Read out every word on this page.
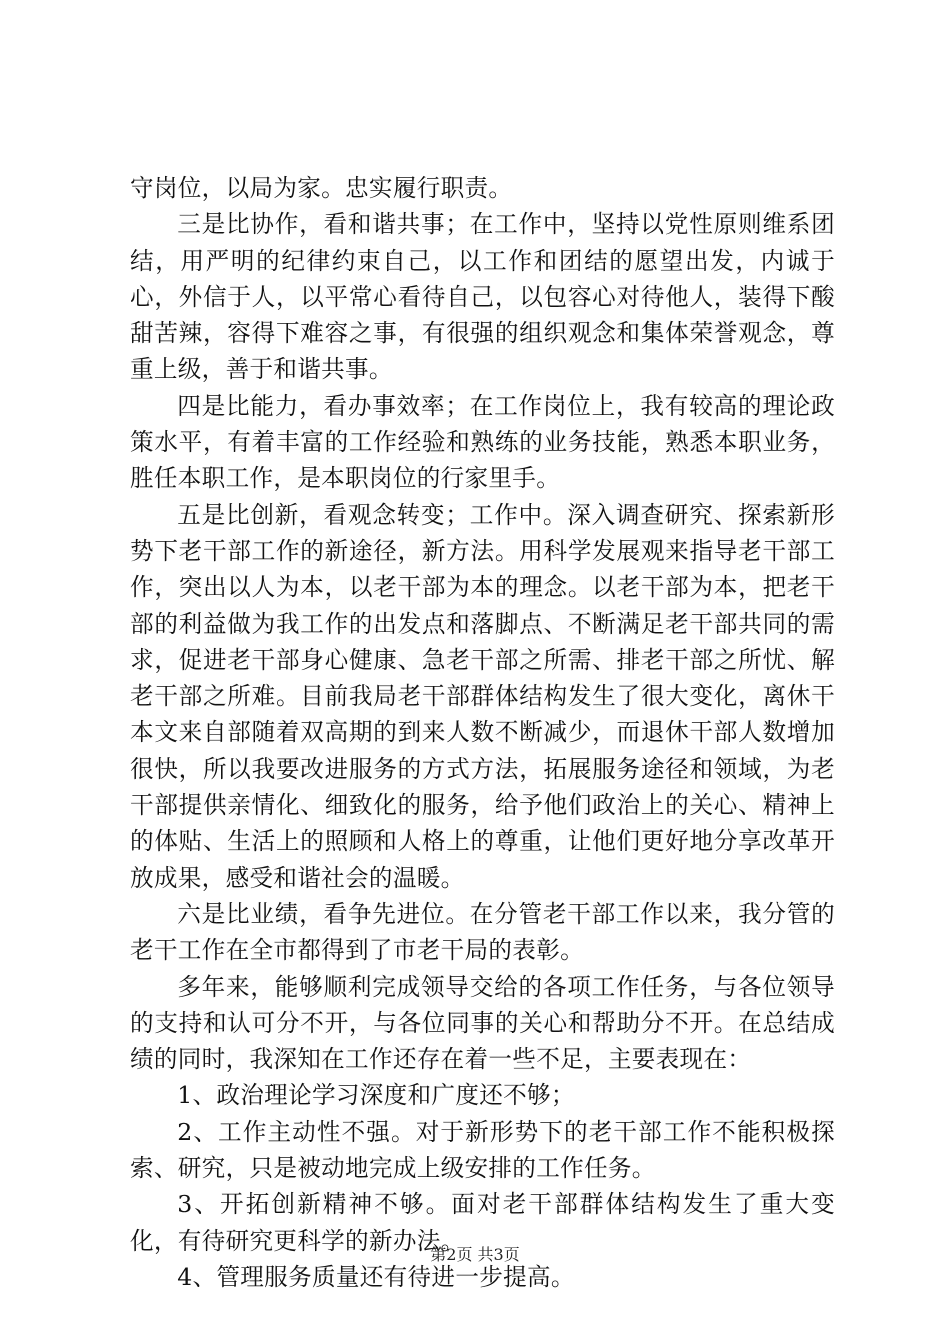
守岗位，以局为家。忠实履行职责。

三是比协作，看和谐共事；在工作中，坚持以党性原则维系团结，用严明的纪律约束自己，以工作和团结的愿望出发，内诚于心，外信于人，以平常心看待自己，以包容心对待他人，装得下酸甜苦辣，容得下难容之事，有很强的组织观念和集体荣誉观念，尊重上级，善于和谐共事。

四是比能力，看办事效率；在工作岗位上，我有较高的理论政策水平，有着丰富的工作经验和熟练的业务技能，熟悉本职业务，胜任本职工作，是本职岗位的行家里手。

五是比创新，看观念转变；工作中。深入调查研究、探索新形势下老干部工作的新途径，新方法。用科学发展观来指导老干部工作，突出以人为本，以老干部为本的理念。以老干部为本，把老干部的利益做为我工作的出发点和落脚点、不断满足老干部共同的需求，促进老干部身心健康、急老干部之所需、排老干部之所忧、解老干部之所难。目前我局老干部群体结构发生了很大变化，离休干本文来自部随着双高期的到来人数不断减少，而退休干部人数增加很快，所以我要改进服务的方式方法，拓展服务途径和领域，为老干部提供亲情化、细致化的服务，给予他们政治上的关心、精神上的体贴、生活上的照顾和人格上的尊重，让他们更好地分享改革开放成果，感受和谐社会的温暖。

六是比业绩，看争先进位。在分管老干部工作以来，我分管的老干工作在全市都得到了市老干局的表彰。

多年来，能够顺利完成领导交给的各项工作任务，与各位领导的支持和认可分不开，与各位同事的关心和帮助分不开。在总结成绩的同时，我深知在工作还存在着一些不足，主要表现在：

1、政治理论学习深度和广度还不够；

2、工作主动性不强。对于新形势下的老干部工作不能积极探索、研究，只是被动地完成上级安排的工作任务。

3、开拓创新精神不够。面对老干部群体结构发生了重大变化，有待研究更科学的新办法。

4、管理服务质量还有待进一步提高。

第2页 共3页
